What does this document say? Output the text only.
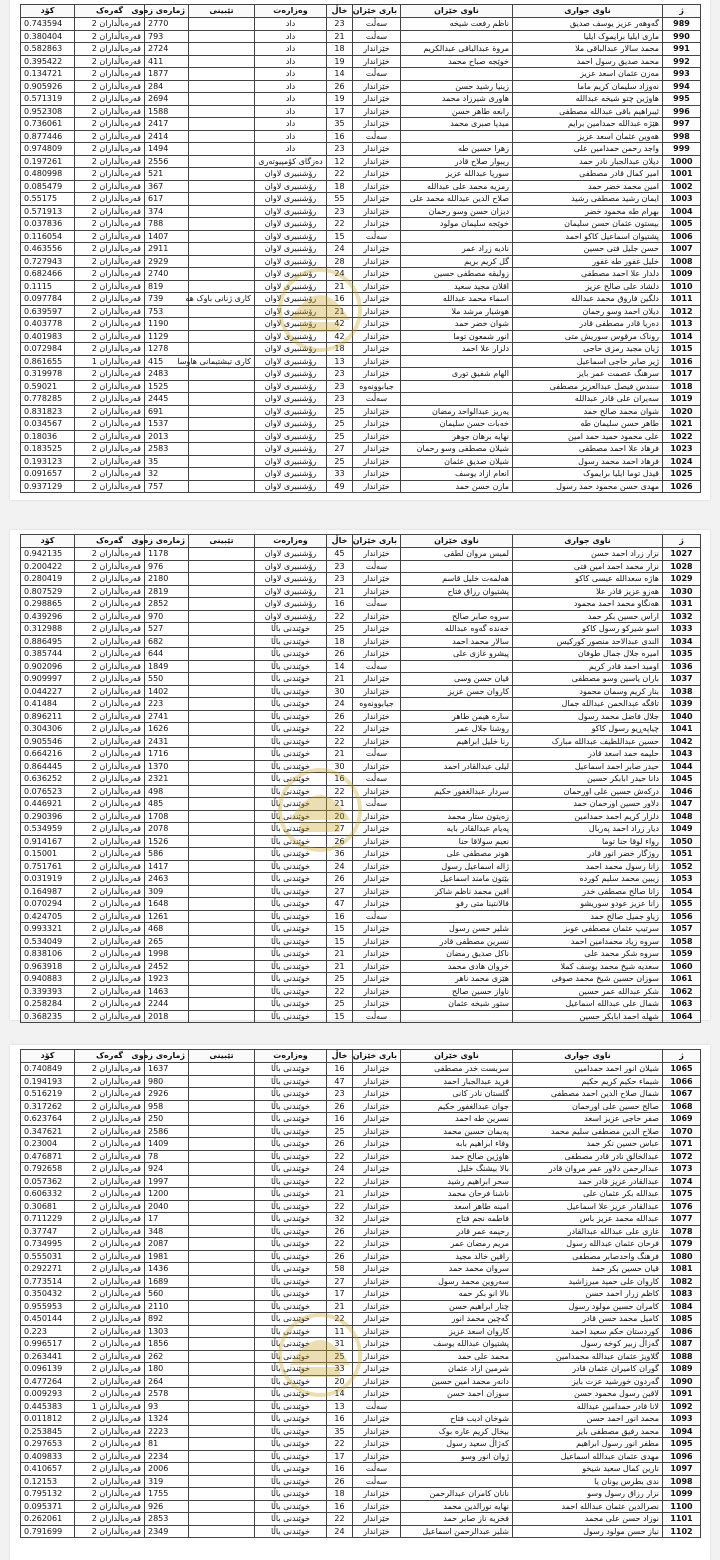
ژ	ناوی جواری	ناوی خێزان	باری خێزان	خاڵ	وەزارەت	تێبینی	ژمارەی زەوی	گەرەک	کۆد
989	گەوهەر عزیز یوسف صدیق	ناظم رفعت شیخە	سەڵت	23	داد		2770	قەرەباڵداران 2	0.743594
990	ماری ایلیا برایموک ایلیا		سەڵت	21	داد		793	قەرەباڵداران 2	0.380404
991	محمد سالار عبدالباقی ملا	مروة عبدالباقی عبدالکریم	خێزاندار	18	داد		2724	قەرەباڵداران 2	0.582863
992	محمد صدیق رسول احمد	خوێجە صباح محمد	خێزاندار	19	داد		411	قەرەباڵداران 2	0.395422
993	مەزن عثمان اسعد عزیز		سەڵت	14	داد		1877	قەرەباڵداران 2	0.134721
994	نەوزاد سلیمان کریم ماما	زینیا رشید حسن	خێزاندار	26	داد		284	قەرەباڵداران 2	0.905926
995	هاوژین چتو شیخە عبداللە	هاوری شیرزاد محمد	خێزاندار	19	داد		2694	قەرەباڵداران 2	0.571319
996	ئیبراهیم باقی عبداللە مصطفی	رابعە طاهر حسن	خێزاندار	17	داد		1588	قەرەباڵداران 2	0.952308
997	هێژە عبداللە حمدامین برایم	میدیا صبری محمد	خێزاندار	35	داد		2417	قەرەباڵداران 2	0.736061
998	هەوین عثمان اسعد عزیز		سەڵت	16	داد		2414	قەرەباڵداران 2	0.877446
999	واجد رحمن حمدامین علی	زهرا حسین طە	خێزاندار	23	داد		1494	قەرەباڵداران 2	0.974809
1000	دیلان عبدالجبار نادر حمد	ریبوار صلاح قادر	خێزاندار	12	دەزگای کۆمپیوتەری		2556	قەرەباڵداران 2	0.197261
1001	امیر کمال قادر مصطفی	سوریا عبداللە عزیز	خێزاندار	22	رۆشنبیری لاوان		521	قەرەباڵداران 2	0.480998
1002	امین محمد خضر حمد	رمزیە محمد علی عبداللە	خێزاندار	18	رۆشنبیری لاوان		367	قەرەباڵداران 2	0.085479
1003	ایمان رشید مصطفی رشید	صلاح الدین عبداللە محمد علی	خێزاندار	55	رۆشنبیری لاوان		617	قەرەباڵداران 2	0.55175
1004	بهرام طە محمود خضر	دیزان حسن وسو رحمان	خێزاندار	23	رۆشنبیری لاوان		374	قەرەباڵداران 2	0.571913
1005	بیستون عثمان حسن سلیمان	خوێجە سلیمان مولود	خێزاندار	22	رۆشنبیری لاوان		788	قەرەباڵداران 2	0.037836
1006	پشتیوان اسماعیل کاکو احمد		سەڵت	15	رۆشنبیری لاوان		1407	قەرەباڵداران 2	0.116054
1007	حسن جلیل فتی حسین	نادیە زراد عمر	خێزاندار	24	رۆشنبیری لاوان		2911	قەرەباڵداران 2	0.463556
1008	خلیل غفور طە غفور	گل کریم بریم	خێزاندار	28	رۆشنبیری لاوان		2929	قەرەباڵداران 2	0.727943
1009	دلدار علا احمد مصطفی	زولیقە مصطفی حسین	خێزاندار	24	رۆشنبیری لاوان		2740	قەرەباڵداران 2	0.682466
1010	دلشاد علی صالح عزیز	اقلان مجید سعید	خێزاندار	21	رۆشنبیری لاوان		819	قەرەباڵداران 2	0.1115
1011	دلگین فاروق محمد عبداللە	اسماء محمد عبداللە	خێزاندار	16	رۆشنبیری لاوان	کاری ژنانی باوک هه	739	قەرەباڵداران 2	0.097784
1012	دیلان احمد وسو رحمان	هوشیار مرشد ملا	خێزاندار	21	رۆشنبیری لاوان		753	قەرەباڵداران 2	0.639597
1013	دەریا قادر مصطفی قادر	شوان خضر حمد	خێزاندار	42	رۆشنبیری لاوان		1190	قەرەباڵداران 2	0.403778
1014	روناک مرقوس سوریش متی	انور شمعون توما	خێزاندار	42	رۆشنبیری لاوان		1129	قەرەباڵداران 2	0.401983
1015	ژیان مجید رمزی حاجی	دلزار علا احمد	خێزاندار	18	رۆشنبیری لاوان		1278	قەرەباڵداران 2	0.072984
1016	ژیر صابر حاجی اسماعیل		خێزاندار	13	رۆشنبیری لاوان	کاری تیشتیمانی هاوسا	415	قەرەباڵداران 1	0.861655
1017	سرهنگ عصمت عمر بایز	الهام شفیق توری	خێزاندار	23	رۆشنبیری لاوان		2483	قەرەباڵداران 2	0.319978
1018	سندس فیصل عبدالعزیز مصطفی		جیابوونەوە	23	رۆشنبیری لاوان		1525	قەرەباڵداران 2	0.59021
1019	سەیران علی قادر عبداللە		سەڵت	23	رۆشنبیری لاوان		2445	قەرەباڵداران 2	0.778285
1020	شوان محمد صالح حمد	یەریز عبدالواحد رمضان	خێزاندار	25	رۆشنبیری لاوان		691	قەرەباڵداران 2	0.831823
1021	طاهر حسن سلیمان طە	خەبات حسن سلیمان	خێزاندار	25	رۆشنبیری لاوان		1537	قەرەباڵداران 2	0.034567
1022	علی محمود حمید حمد امین	نهایە برهان جوهر	خێزاندار	25	رۆشنبیری لاوان		2013	قەرەباڵداران 2	0.18036
1023	فرهاد علا احمد مصطفی	شیلان مصطفی وسو رحمان	خێزاندار	27	رۆشنبیری لاوان		2583	قەرەباڵداران 2	0.183525
1024	فرهاد احمد محمد رسول	شیلان صدیق عثمان	خێزاندار	25	رۆشنبیری لاوان		35	قەرەباڵداران 2	0.193123
1025	قیدل توما ایلیا برایموک	انعام ازاد یوسف	خێزاندار	33	رۆشنبیری لاوان		32	قەرەباڵداران 2	0.091657
1026	مهدی حسن محمود حمد رسول	مازن حسن حمد	خێزاندار	49	رۆشنبیری لاوان		757	قەرەباڵداران 2	0.937129
ژ	ناوی جواری	ناوی خێزان	باری خێزان	خاڵ	وەزارەت	تێبینی	ژمارەی زەوی	گەرەک	کۆد
1027	نزار زراد احمد حسن	لمیس مروان لطفی	خێزاندار	45	رۆشنبیری لاوان		1178	قەرەباڵداران 2	0.942135
1028	نزار محمد احمد امین فتی		سەڵت	23	رۆشنبیری لاوان		976	قەرەباڵداران 2	0.200422
1029	هاژە سعدالله عیسی کاکو	هەلمەت خلیل قاسم	خێزاندار	23	رۆشنبیری لاوان		2180	قەرەباڵداران 2	0.280419
1030	هەزو عزیز قادر علا	پشتیوان رزاق فتاح	خێزاندار	21	رۆشنبیری لاوان		2819	قەرەباڵداران 2	0.807529
1031	هەنگاو محمد احمد محمود		سەڵت	16	رۆشنبیری لاوان		2852	قەرەباڵداران 2	0.298865
1032	اراس حسین بکر حمد	سروە صابر صالح	خێزاندار	22	رۆشنبیری لاوان		970	قەرەباڵداران 2	0.439296
1033	اسو شیرکو رسول کاکو	خەندە گەوە عبداللە	خێزاندار	25	خوێندنی باڵا		527	قەرەباڵداران 2	0.312988
1034	الندی عبدالاحد منصور کورکیس	سالار محمد احمد	خێزاندار	18	خوێندنی باڵا		682	قەرەباڵداران 2	0.886495
1035	امیرە جلال جمال طوفان	پیشرو غازی علی	خێزاندار	26	خوێندنی باڵا		644	قەرەباڵداران 2	0.385744
1036	اومید احمد قادر کریم		سەڵت	14	خوێندنی باڵا		1849	قەرەباڵداران 2	0.902096
1037	باران یاسین وسو مصطفی	قیان حسن وسی	خێزاندار	21	خوێندنی باڵا		550	قەرەباڵداران 2	0.909997
1038	بنار کریم وسمان محمود	کاروان حسن عزیز	خێزاندار	30	خوێندنی باڵا		1402	قەرەباڵداران 2	0.044227
1039	تاقگە عبدالحمن عبداللە جمال		جیابوونەوە	24	خوێندنی باڵا		223	قەرەباڵداران 2	0.41484
1040	جلال فاضل محمد رسول	سارە هیمن طاهر	خێزاندار	26	خوێندنی باڵا		2741	قەرەباڵداران 2	0.896211
1041	چیاپەڕیو رسول کاکو	روشنا جلال عمر	خێزاندار	22	خوێندنی باڵا		1626	قەرەباڵداران 2	0.304306
1042	حسین عبداللطیف عبداللە مبارک	رنا خلیل ابراهیم	خێزاندار	22	خوێندنی باڵا		2431	قەرەباڵداران 2	0.905546
1043	حلیمە حمد اسعد قادر		سەڵت	21	خوێندنی باڵا		1716	قەرەباڵداران 2	0.664216
1044	حیدر صابر احمد اسماعیل	لیلی عبدالقادر احمد	خێزاندار	30	خوێندنی باڵا		1370	قەرەباڵداران 2	0.864445
1045	دانا حیدر ابابکر حسین		سەڵت	16	خوێندنی باڵا		2321	قەرەباڵداران 2	0.636252
1046	درکەش حسین علی اورحمان	سردار عبدالغفور حکیم	خێزاندار	22	خوێندنی باڵا		498	قەرەباڵداران 2	0.076523
1047	دلاور حسین اورحمان حمد		سەڵت	21	خوێندنی باڵا		485	قەرەباڵداران 2	0.446921
1048	دلزار کریم احمد حمدامین	زەیتون ستار محمد	خێزاندار	20	خوێندنی باڵا		1708	قەرەباڵداران 2	0.290396
1049	دیار زراد احمد پەربال	پەیام عبدالقادر بایە	خێزاندار	27	خوێندنی باڵا		2078	قەرەباڵداران 2	0.534959
1050	رواء لوقا حنا توما	نعیم سولاقا حنا	خێزاندار	26	خوێندنی باڵا		1526	قەرەباڵداران 2	0.914167
1051	روژگار خضر انور قادر	هونر مصطفی علی	خێزاندار	36	خوێندنی باڵا		586	قەرەباڵداران 2	0.15001
1052	زانا رسول محمد احمد	ژالە اسماعیل رسول	خێزاندار	24	خوێندنی باڵا		1417	قەرەباڵداران 2	0.751761
1053	زیبین محمد سلیم کوردە	بێتون مامند اسماعیل	خێزاندار	26	خوێندنی باڵا		2463	قەرەباڵداران 2	0.031919
1054	زانا صالح مصطفی خدر	افین محمد ناظم شاکر	خێزاندار	27	خوێندنی باڵا		309	قەرەباڵداران 2	0.164987
1055	زانا عزیز عودو سوریشو	فالانتینا متی رفو	خێزاندار	47	خوێندنی باڵا		1648	قەرەباڵداران 2	0.070294
1056	زیاو جمیل صالح حمد		سەڵت	16	خوێندنی باڵا		1261	قەرەباڵداران 2	0.424705
1057	سرتیپ عثمان مصطفی عوبز	شلیر حسن رسول	خێزاندار	15	خوێندنی باڵا		468	قەرەباڵداران 2	0.993321
1058	سروە زیاد محمدامین احمد	نسرین مصطفی قادر	خێزاندار	15	خوێندنی باڵا		265	قەرەباڵداران 2	0.534049
1059	سروە شکر محمد علی	ناکل صدیق رمضان	خێزاندار	21	خوێندنی باڵا		1998	قەرەباڵداران 2	0.838106
1060	سعدیە شیخ محمد یوسف کملا	خروان هادی محمد	خێزاندار	21	خوێندنی باڵا		2452	قەرەباڵداران 2	0.963918
1061	سوزان حسین شیخ محمد صوفی	هێزی محمد ناهر	خێزاندار	25	خوێندنی باڵا		1923	قەرەباڵداران 2	0.940883
1062	شکر عبداللە عمر حسین	ناواز حسین صالح	خێزاندار	22	خوێندنی باڵا		1463	قەرەباڵداران 2	0.339393
1063	شمال علی عبداللە اسماعیل	ستور شیخە عثمان	خێزاندار	25	خوێندنی باڵا		2244	قەرەباڵداران 2	0.258284
1064	شهلە احمد ابابکر حسین		سەڵت	15	خوێندنی باڵا		2018	قەرەباڵداران 2	0.368235
ژ	ناوی جواری	ناوی خێزان	باری خێزان	خاڵ	وەزارەت	تێبینی	ژمارەی زەوی	گەرەک	کۆد
1065	شیلان انور احمد حمدامین	سربست خدر مصطفی	خێزاندار	16	خوێندنی باڵا		1637	قەرەباڵداران 2	0.740849
1066	شیماء حکیم کریم حکیم	فرید عبدالجبار احمد	خێزاندار	47	خوێندنی باڵا		980	قەرەباڵداران 2	0.194193
1067	شمال صلاح الدین احمد مصطفی	گلستان نادر کانی	خێزاندار	23	خوێندنی باڵا		2926	قەرەباڵداران 2	0.516219
1068	صالح حسین علی اورحمان	جوان عبدالغفور حکیم	خێزاندار	26	خوێندنی باڵا		958	قەرەباڵداران 2	0.317262
1069	صفر حاجی عزیز اسعد	نسرین طە احمد	خێزاندار	16	خوێندنی باڵا		250	قەرەباڵداران 2	0.623764
1070	صلاح الدین مصطفی سلیم محمد	پەیمان حسین محمد	خێزاندار	25	خوێندنی باڵا		2586	قەرەباڵداران 2	0.347621
1071	عباس حسین نکر حمد	وفاء ابراهیم بابە	خێزاندار	26	خوێندنی باڵا		1409	قەرەباڵداران 2	0.23004
1072	عبدالخالق نادر قادر مصطفی	هاوژین صالح حمد	خێزاندار	22	خوێندنی باڵا		78	قەرەباڵداران 2	0.476871
1073	عبدالرحمن دلاور عمر مروان قادر	بالا بیشنگ خلیل	خێزاندار	24	خوێندنی باڵا		924	قەرەباڵداران 2	0.792658
1074	عبدالقادر عزیز قادر حمد	سحر ابراهیم رشید	خێزاندار	22	خوێندنی باڵا		1997	قەرەباڵداران 2	0.057362
1075	عبداللە بکر عثمان علی	ناشنا فرحان محمد	خێزاندار	21	خوێندنی باڵا		1200	قەرەباڵداران 2	0.606332
1076	عبدالقادر عزیز علا اسماعیل	امینە طاهر اسعد	خێزاندار	22	خوێندنی باڵا		2040	قەرەباڵداران 2	0.30681
1077	عبداللە محمد عزیز باس	فاطمە نجم فتاح	خێزاندار	32	خوێندنی باڵا		17	قەرەباڵداران 2	0.711229
1078	غازی علی عبداللە عبدالقادر	رحیمە عمر قادر	خێزاندار	26	خوێندنی باڵا		348	قەرەباڵداران 2	0.37747
1079	فرحان عثمان عبداللە رسول	مریم رمضان عمر	خێزاندار	22	خوێندنی باڵا		2087	قەرەباڵداران 2	0.734995
1080	فرهنگ واحدصابر مصطفی	راقین خالد مجید	خێزاندار	26	خوێندنی باڵا		1981	قەرەباڵداران 2	0.555031
1081	قیان حسین بکر حمد	سروان محمد حمد	خێزاندار	58	خوێندنی باڵا		1436	قەرەباڵداران 2	0.292271
1082	کاروان علی حمید میرزاشید	سەروین محمد رسول	خێزاندار	27	خوێندنی باڵا		1689	قەرەباڵداران 2	0.773514
1083	کاظم زرار احمد حسن	نالا انو بکر حمە	خێزاندار	17	خوێندنی باڵا		560	قەرەباڵداران 2	0.350432
1084	کامران حسین مولود رسول	چنار ابراهیم حسن	خێزاندار	21	خوێندنی باڵا		2110	قەرەباڵداران 2	0.955953
1085	کامیل محمد حسن قادر	گەچین محمد انور	خێزاندار	22	خوێندنی باڵا		892	قەرەباڵداران 2	0.450144
1086	کوردستان حکم سعید احمد	کاروان اسعد عزیز	خێزاندار	11	خوێندنی باڵا		1303	قەرەباڵداران 2	0.223
1087	گەزاڵ زبیر کوخە رسول	پشتیوان عبداللە یوسف	خێزاندار	31	خوێندنی باڵا		1856	قەرەباڵداران 2	0.996517
1088	گلاویژ عثمان عبداللە محمدامین	محمد علی حمد	خێزاندار	25	خوێندنی باڵا		262	قەرەباڵداران 2	0.263441
1089	گوران کامیران عثمان قادر	شرمین ازاد عثمان	خێزاندار	33	خوێندنی باڵا		180	قەرەباڵداران 2	0.096139
1090	گەردون خورشید عزت بایز	دانەر محمد امین حسین	خێزاندار	20	خوێندنی باڵا		264	قەرەباڵداران 2	0.477264
1091	لاقین رسول محمود حسن	سوزان احمد حسن	خێزاندار	14	خوێندنی باڵا		2578	قەرەباڵداران 2	0.009293
1092	لانا قادر حمدامین عبداللە		سەڵت	13	خوێندنی باڵا		93	قەرەباڵداران 1	0.445383
1093	محمد انور احمد حسن	شوخان ادیب فتاح	خێزاندار	16	خوێندنی باڵا		1324	قەرەباڵداران 2	0.011812
1094	محمد رفیق مصطفی بایز	بیخال کریم عارە بوک	خێزاندار	35	خوێندنی باڵا		2223	قەرەباڵداران 2	0.253845
1095	مطفر انور رسول ابراهیم	کەژاڵ سعید رسول	خێزاندار	22	خوێندنی باڵا		81	قەرەباڵداران 2	0.297653
1096	مهدی عثمان عبداللە اسماعیل	ژوان انور وسو	خێزاندار	17	خوێندنی باڵا		2234	قەرەباڵداران 2	0.409833
1097	نارین کمال سعید شیخو		سەڵت	16	خوێندنی باڵا		2006	قەرەباڵداران 2	0.410657
1098	ندی بطرس یونان یا		سەڵت	26	خوێندنی باڵا		319	قەرەباڵداران 2	0.12153
1099	نزار رزاق رسول وسو	نانان کامران عبدالرحمن	خێزاندار	18	خوێندنی باڵا		1755	قەرەباڵداران 2	0.795132
1100	نصرالدین عثمان عبداللە احمد	نهایە نورالدین محمد	خێزاندار	16	خوێندنی باڵا		926	قەرەباڵداران 2	0.095371
1101	نوزاد حسن علی محمد	فخریە ناز صابر حمد	خێزاندار	22	خوێندنی باڵا		2853	قەرەباڵداران 2	0.262061
1102	نیاز حسن مولود رسول	شلیر عبدالرحمن اسماعیل	خێزاندار	24	خوێندنی باڵا		2349	قەرەباڵداران 2	0.791699
